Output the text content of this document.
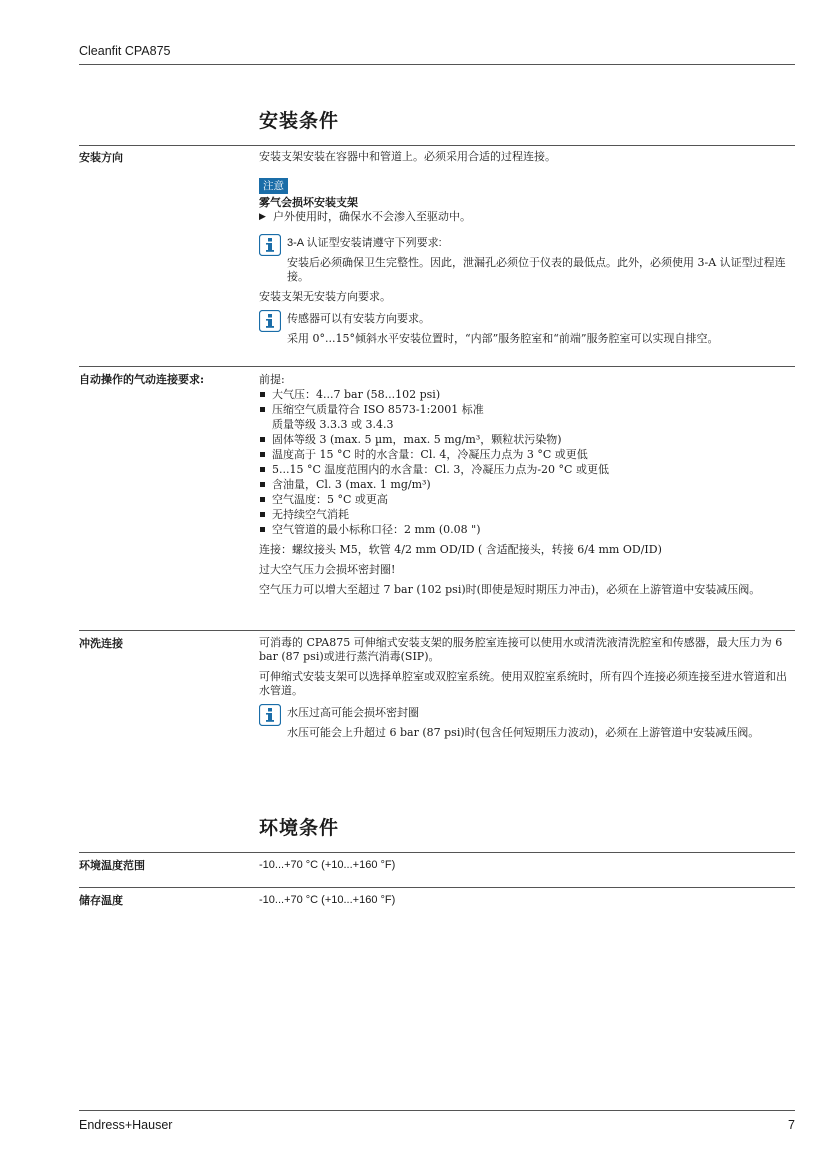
Cleanfit CPA875
安装条件
安装方向	安装支架安装在容器中和管道上。必须采用合适的过程连接。

注意
雾气会损坏安装支架
▶ 户外使用时，确保水不会渗入至驱动中。
3-A 认证型安装请遵守下列要求:

安装后必须确保卫生完整性。因此，泄漏孔必须位于仪表的最低点。此外，必须使用 3-A 认证型过程连接。

安装支架无安装方向要求。

传感器可以有安装方向要求。

采用 0°...15°倾斜水平安装位置时，“内部”服务腔室和“前端”服务腔室可以实现自排空。

自动操作的气动连接要求:	前提:
大气压：4...7 bar (58...102 psi)
压缩空气质量符合 ISO 8573-1:2001 标准
质量等级 3.3.3 或 3.4.3
固体等级 3 (max. 5 µm，max. 5 mg/m³，颗粒状污染物)
温度高于 15 °C 时的水含量：Cl. 4，冷凝压力点为 3 °C 或更低
5...15 °C 温度范围内的水含量：Cl. 3，冷凝压力点为-20 °C 或更低
含油量，Cl. 3 (max. 1 mg/m³)
空气温度：5 °C 或更高
无持续空气消耗
空气管道的最小标称口径：2 mm (0.08 ")

连接：螺纹接头 M5，软管 4/2 mm OD/ID ( 含适配接头，转接 6/4 mm OD/ID)

过大空气压力会损坏密封圈!

空气压力可以增大至超过 7 bar (102 psi)时(即使是短时期压力冲击)，必须在上游管道中安装减压阀。

冲洗连接	可消毒的 CPA875 可伸缩式安装支架的服务腔室连接可以使用水或清洗液清洗腔室和传感器，最大压力为 6 bar (87 psi)或进行蒸汽消毒(SIP)。

可伸缩式安装支架可以选择单腔室或双腔室系统。使用双腔室系统时，所有四个连接必须连接至进水管道和出水管道。

水压过高可能会损坏密封圈

水压可能会上升超过 6 bar (87 psi)时(包含任何短期压力波动)，必须在上游管道中安装减压阀。

环境条件
环境温度范围	-10...+70 °C (+10...+160 °F)
储存温度	-10...+70 °C (+10...+160 °F)
Endress+Hauser	7
